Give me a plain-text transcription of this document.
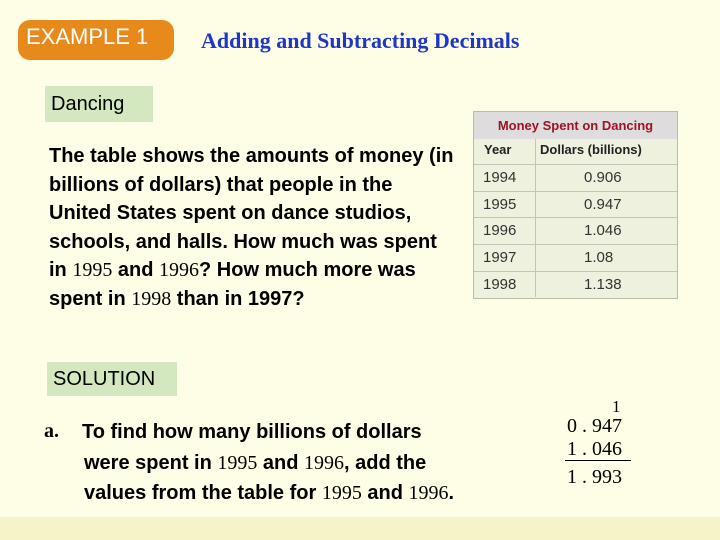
EXAMPLE 1 Adding and Subtracting Decimals
Dancing
The table shows the amounts of money (in billions of dollars) that people in the United States spent on dance studios, schools, and halls. How much was spent in 1995 and 1996? How much more was spent in 1998 than in 1997?
Money Spent on Dancing
Year Dollars (billions)
1994	0.906
1995	0.947
1996	1.046
1997	1.08
1998	1.138
SOLUTION
a. To find how many billions of dollars
were spent in 1995 and 1996, add the
values from the table for 1995 and 1996.
1
0 . 947
1 . 046
1 . 993
